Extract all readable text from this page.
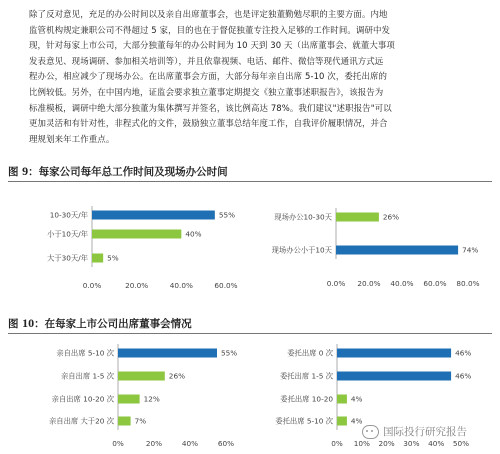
除了反对意见，充足的办公时间以及亲自出席董事会，也是评定独董勤勉尽职的主要方面。内地
监管机构规定兼职公司不得超过 5 家，目的也在于督促独董专注投入足够的工作时间。调研中发
现，针对每家上市公司，大部分独董每年的办公时间为 10 天到 30 天（出席董事会、就董大事项
发表意见、现场调研、参加相关培训等），并且依靠视频、电话、邮件、微信等现代通讯方式远
程办公，相应减少了现场办公。在出席董事会方面，大部分每年亲自出席 5-10 次，委托出席的
比例较低。另外，在中国内地，证监会要求独立董事定期提交《独立董事述职报告》，该报告为
标准模板，调研中绝大部分独董为集体撰写并签名，该比例高达 78%。我们建议"述职报告"可以
更加灵活和有针对性，非程式化的文件，鼓励独立董事总结年度工作，自我评价履职情况，并合
理规划来年工作重点。
图 9：每家公司每年总工作时间及现场办公时间
10-30天/年	55%
小于10天/年	40%
大于30天/年	5%
0.0%	20.0%	40.0%	60.0%
现场办公10-30天	26%
现场办公小于10天	74%
0.0% 20.0% 40.0% 60.0% 80.0%
图 10：在每家上市公司出席董事会情况
亲自出席 5-10 次	55%
亲自出席 1-5 次	26%
亲自出席 10-20 次	12%
亲自出席 大于20 次	7%
0%	20%	40%	60%
委托出席 0 次	46%
委托出席 1-5 次	46%
委托出席 10-20 4%
委托出席 5-10 次 4%
0% 10% 20% 30% 40% 50%
国际投行研究报告
